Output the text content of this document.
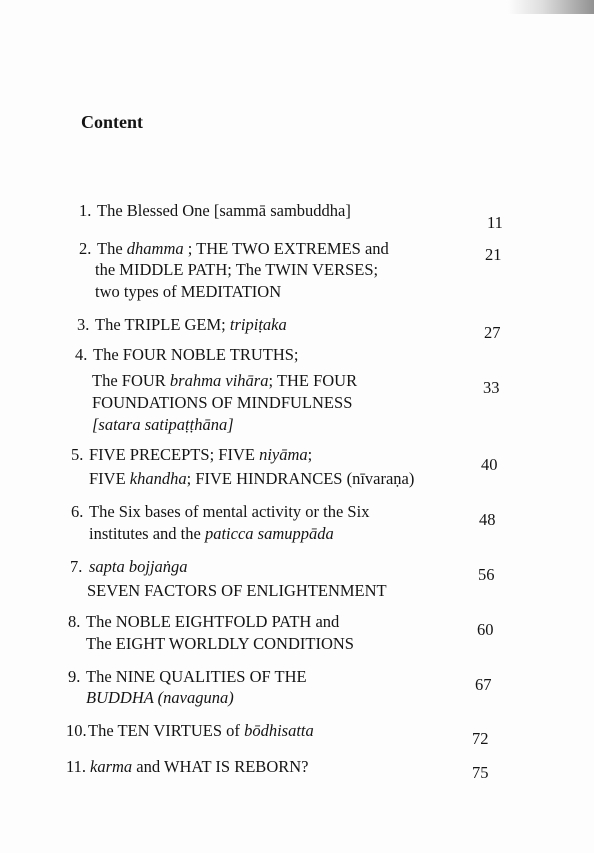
Content
1. The Blessed One [sammā sambuddha]
11
2. The dhamma ; THE TWO EXTREMES and
the MIDDLE PATH; The TWIN VERSES;
two types of MEDITATION
21
3. The TRIPLE GEM; tripiṭaka	27
4. The FOUR NOBLE TRUTHS;
The FOUR brahma vihāra; THE FOUR
FOUNDATIONS OF MINDFULNESS
[satara satipaṭṭhāna]
33
5. FIVE PRECEPTS; FIVE niyāma;
FIVE khandha; FIVE HINDRANCES (nīvaraṇa)
40
6. The Six bases of mental activity or the Six
institutes and the paticca samuppāda
48
7. sapta bojjaṅga
SEVEN FACTORS OF ENLIGHTENMENT
56
8. The NOBLE EIGHTFOLD PATH and
The EIGHT WORLDLY CONDITIONS
60
9. The NINE QUALITIES OF THE
BUDDHA (navaguna)
67
10. The TEN VIRTUES of bōdhisatta	72
11. karma and WHAT IS REBORN?	75
